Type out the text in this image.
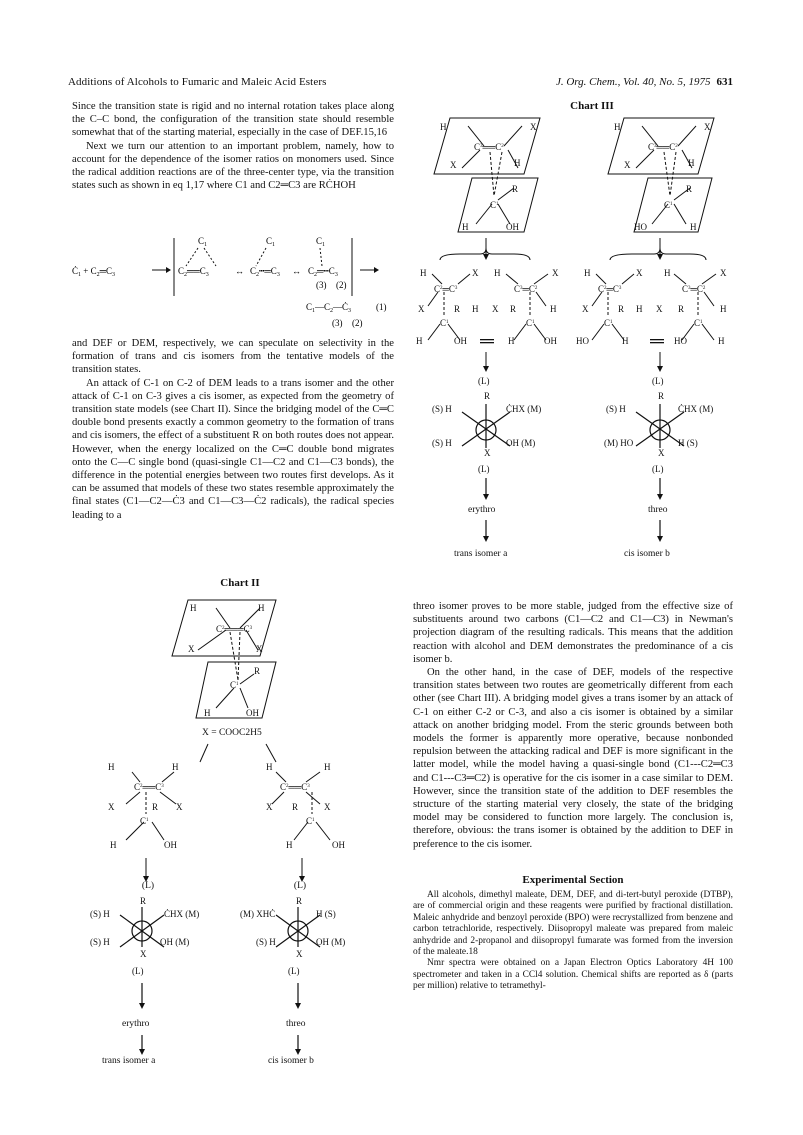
Additions of Alcohols to Fumaric and Maleic Acid Esters	J. Org. Chem., Vol. 40, No. 5, 1975 631

Since the transition state is rigid and no internal rotation takes place along the C–C bond, the configuration of the transition state should resemble somewhat that of the starting material, especially in the case of DEF.15,16

Next we turn our attention to an important problem, namely, how to account for the dependence of the isomer ratios on monomers used. Since the radical addition reactions are of the three-center type, via the transition states such as shown in eq 1,17 where C1 and C2═C3 are RĊHOH

$Ċ_1$ + $C_2═C_3$
$C_1$
$C_2══C_3$	↔
$C_1$
$C_2┅═C_3$ ↔
$C_1$
$C_2═┅C_3$
(3) (2)
$C_1—C_2—Ċ_3$	(1)
(3) (2)

and DEF or DEM, respectively, we can speculate on selectivity in the formation of trans and cis isomers from the tentative models of the transition states.

An attack of C-1 on C-2 of DEM leads to a trans isomer and the other attack of C-1 on C-3 gives a cis isomer, as expected from the geometry of transition state models (see Chart II). Since the bridging model of the C═C double bond presents exactly a common geometry to the formation of trans and cis isomers, the effect of a substituent R on both routes does not appear. However, when the energy localized on the C═C double bond migrates onto the C—C single bond (quasi-single C1—C2 and C1—C3 bonds), the difference in the potential energies between two routes first develops. As it can be assumed that models of these two states resemble approximately the final states (C1—C2—Ċ3 and C1—C3—Ċ2 radicals), the radical species leading to a

Chart II
H	H
$C^2═══C^3$
X	X
R
$C^1$
H	OH
X = COOC2H5
H	H
$C^2══C^3$
X	R X
$C^1$
H	OH
H	H
$C^2══C^3$
X R	X
$C^1$
H	OH
(L)	(L)
R
(S) H	ĊHX (M)
(S) H	OH (M)
X
(L)
erythro
trans isomer a
R
(M) XHĊ	H (S)
(S) H	OH (M)
X
(L)
threo
cis isomer b
Chart III
H	X
$C^3══C^2$
X	H
R
$C^1$
H	OH
H	X
$C^3══C^2$
X	H
R
$C^1$
HO	H
H	X H	X
$C^2═C^3$	$C^3═C^2$
X	R H X R	H
$C^1$	$C^1$
H	OH	H	OH
H	X H	X
$C^2═C^3$	$C^3═C^2$
X	R H X R	H
$C^1$	$C^1$
HO	H	HO	H
(L)	(L)
R
(S) H	ĊHX (M)
(S) H	OH (M)
X
(L)
erythro
trans isomer a
R
(S) H	ĊHX (M)
(M) HO	H (S)
X
(L)
threo
cis isomer b

threo isomer proves to be more stable, judged from the effective size of substituents around two carbons (C1—C2 and C1—C3) in Newman's projection diagram of the resulting radicals. This means that the addition reaction with alcohol and DEM demonstrates the predominance of a cis isomer b.

On the other hand, in the case of DEF, models of the respective transition states between two routes are geometrically different from each other (see Chart III). A bridging model gives a trans isomer by an attack of C-1 on either C-2 or C-3, and also a cis isomer is obtained by a similar attack on another bridging model. From the steric grounds between both models the former is apparently more operative, because nonbonded repulsion between the attacking radical and DEF is more significant in the latter model, while the model having a quasi-single bond (C1---C2═C3 and C1---C3═C2) is operative for the cis isomer in a case similar to DEM. However, since the transition state of the addition to DEF resembles the structure of the starting material very closely, the state of the bridging model may be considered to function more largely. The conclusion is, therefore, obvious: the trans isomer is obtained by the addition to DEF in preference to the cis isomer.

Experimental Section

All alcohols, dimethyl maleate, DEM, DEF, and di-tert-butyl peroxide (DTBP), are of commercial origin and these reagents were purified by fractional distillation. Maleic anhydride and benzoyl peroxide (BPO) were recrystallized from benzene and carbon tetrachloride, respectively. Diisopropyl maleate was prepared from maleic anhydride and 2-propanol and diisopropyl fumarate was formed from the inversion of the maleate.18

Nmr spectra were obtained on a Japan Electron Optics Laboratory 4H 100 spectrometer and taken in a CCl4 solution. Chemical shifts are reported as δ (parts per million) relative to tetramethyl-
